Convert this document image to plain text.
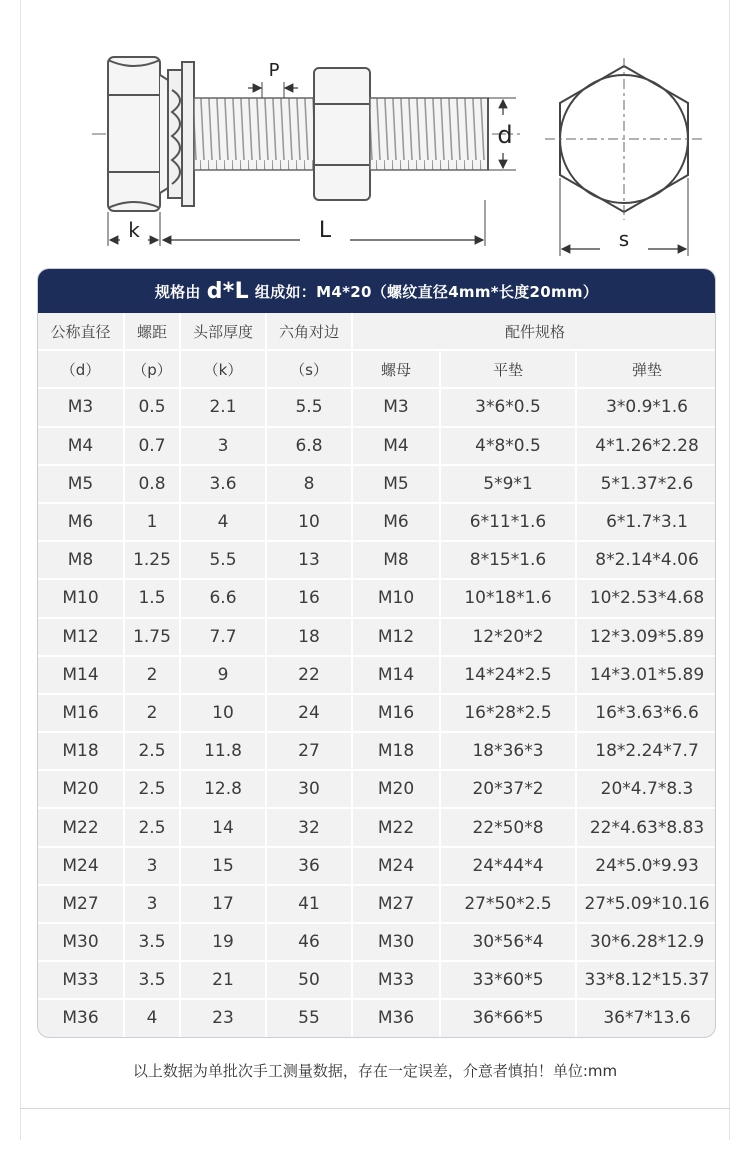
P
d
k	L	s
规格由 d*L 组成如：M4*20（螺纹直径4mm*长度20mm）
公称直径	螺距	头部厚度	六角对边	配件规格		
（d）	（p）	（k）	（s）	螺母	平垫	弹垫
M3	0.5	2.1	5.5	M3	3*6*0.5	3*0.9*1.6
M4	0.7	3	6.8	M4	4*8*0.5	4*1.26*2.28
M5	0.8	3.6	8	M5	5*9*1	5*1.37*2.6
M6	1	4	10	M6	6*11*1.6	6*1.7*3.1
M8	1.25	5.5	13	M8	8*15*1.6	8*2.14*4.06
M10	1.5	6.6	16	M10	10*18*1.6	10*2.53*4.68
M12	1.75	7.7	18	M12	12*20*2	12*3.09*5.89
M14	2	9	22	M14	14*24*2.5	14*3.01*5.89
M16	2	10	24	M16	16*28*2.5	16*3.63*6.6
M18	2.5	11.8	27	M18	18*36*3	18*2.24*7.7
M20	2.5	12.8	30	M20	20*37*2	20*4.7*8.3
M22	2.5	14	32	M22	22*50*8	22*4.63*8.83
M24	3	15	36	M24	24*44*4	24*5.0*9.93
M27	3	17	41	M27	27*50*2.5	27*5.09*10.16
M30	3.5	19	46	M30	30*56*4	30*6.28*12.9
M33	3.5	21	50	M33	33*60*5	33*8.12*15.37
M36	4	23	55	M36	36*66*5	36*7*13.6
以上数据为单批次手工测量数据，存在一定误差，介意者慎拍！单位:mm
